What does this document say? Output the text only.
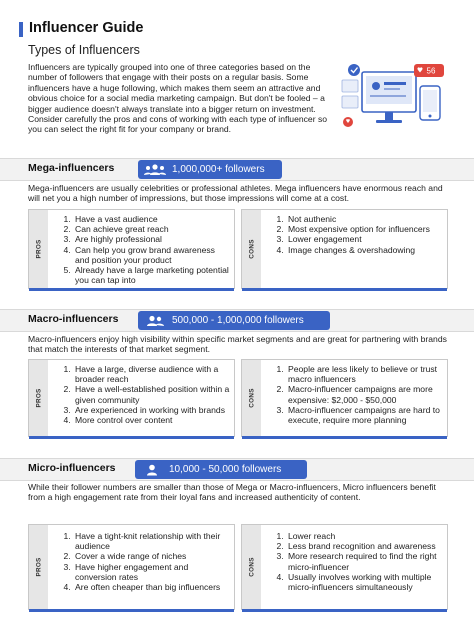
Influencer Guide
Types of Influencers
Influencers are typically grouped into one of three categories based on the number of followers that engage with their posts on a regular basis. Some influencers have a huge following, which makes them seem an attractive and obvious choice for a social media marketing campaign. But don't be fooled – a bigger audience doesn't always translate into a bigger return on investment. Consider carefully the pros and cons of working with each type of influencer so you can select the right fit for your company or brand.
56
Mega-influencers	1,000,000+ followers
Mega-influencers are usually celebrities or professional athletes. Mega influencers have enormous reach and will net you a high number of impressions, but those impressions will come at a cost.
PROS
1. Have a vast audience
2. Can achieve great reach
3. Are highly professional
4. Can help you grow brand awareness and position your product
5. Already have a large marketing potential you can tap into
CONS
1. Not authenic
2. Most expensive option for influencers
3. Lower engagement
4. Image changes & overshadowing
Macro-influencers	500,000 - 1,000,000 followers
Macro-influencers enjoy high visibility within specific market segments and are great for partnering with brands that match the interests of that market segment.
PROS
1. Have a large, diverse audience with a broader reach
2. Have a well-established position within a given community
3. Are experienced in working with brands
4. More control over content
CONS
1. People are less likely to believe or trust macro influencers
2. Macro-influencer campaigns are more expensive: $2,000 - $50,000
3. Macro-influencer campaigns are hard to execute, require more planning
Micro-influencers	10,000 - 50,000 followers
While their follower numbers are smaller than those of Mega or Macro-influencers, Micro influencers benefit from a high engagement rate from their loyal fans and increased authenticity of content.
PROS
1. Have a tight-knit relationship with their audience
2. Cover a wide range of niches
3. Have higher engagement and conversion rates
4. Are often cheaper than big influencers
CONS
1. Lower reach
2. Less brand recognition and awareness
3. More research required to find the right micro-influencer
4. Usually involves working with multiple micro-influencers simultaneously
